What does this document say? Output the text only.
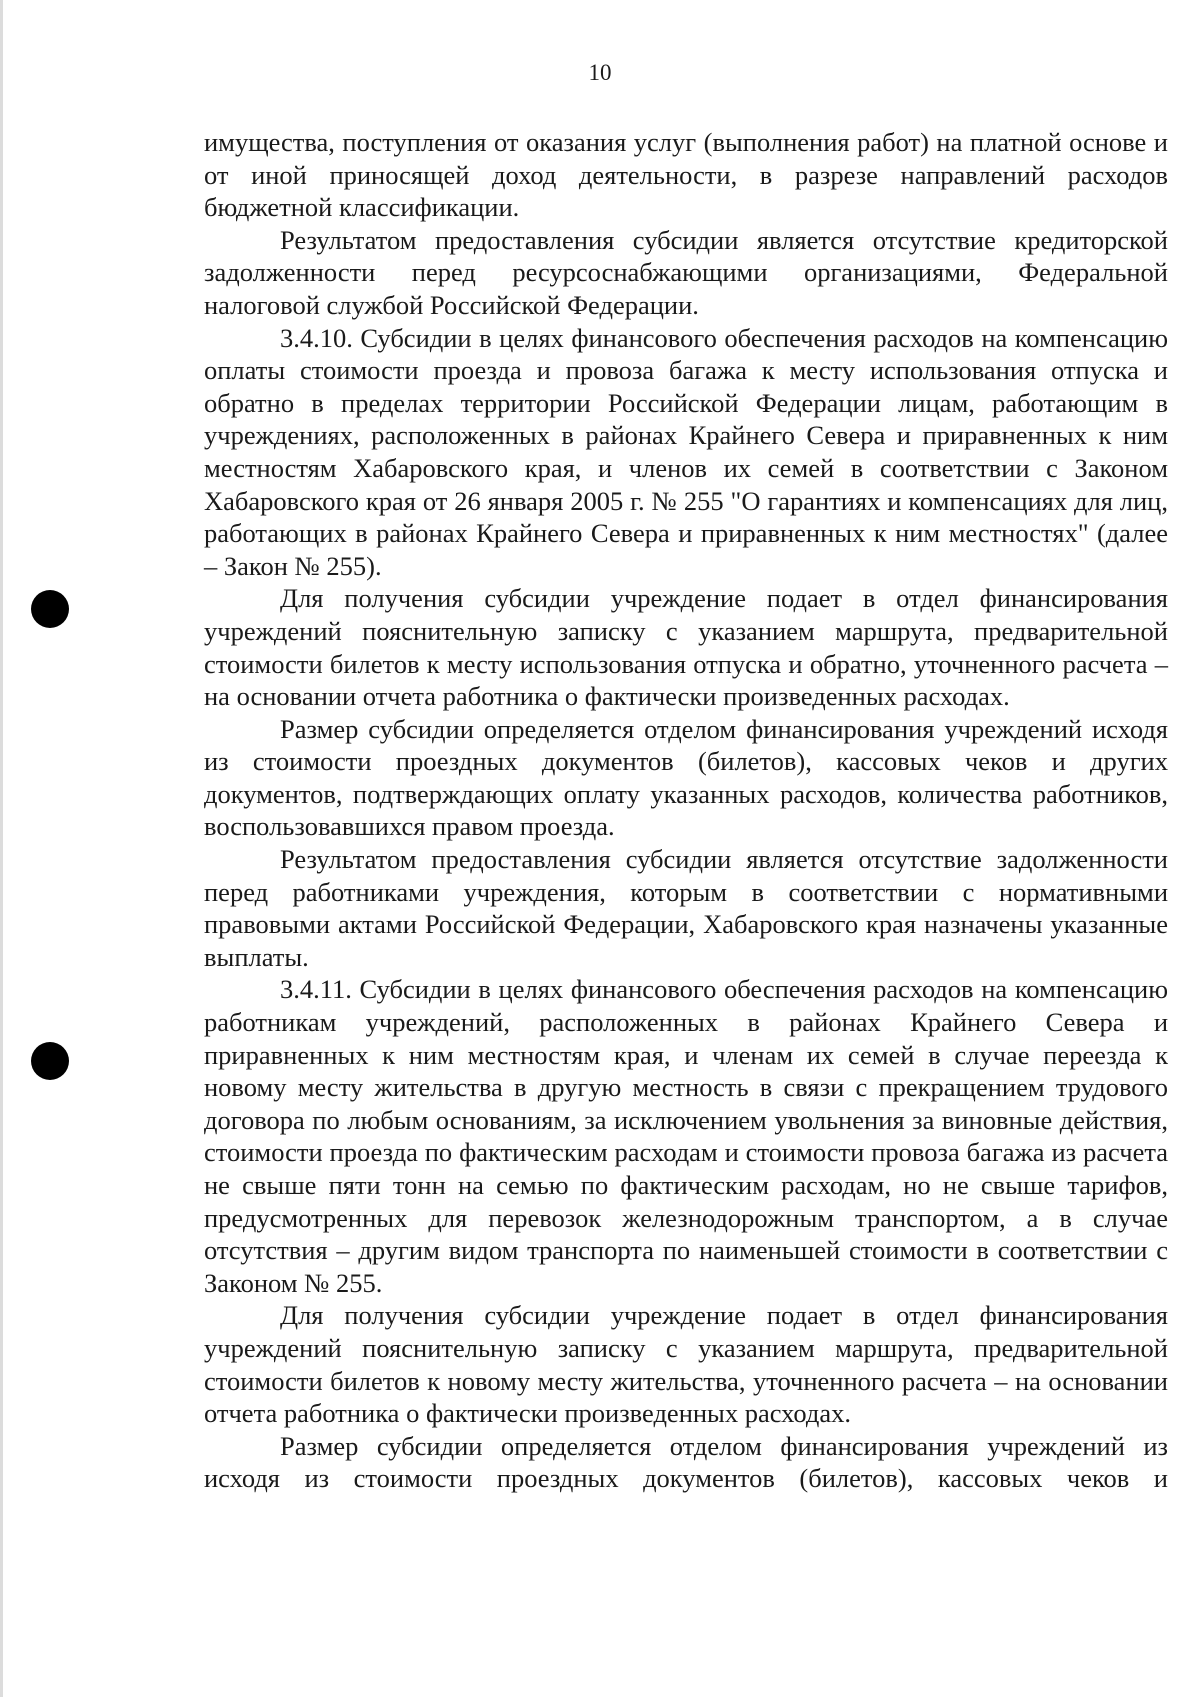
10

имущества, поступления от оказания услуг (выполнения работ) на платной основе и от иной приносящей доход деятельности, в разрезе направлений расходов бюджетной классификации.

Результатом предоставления субсидии является отсутствие кредиторской задолженности перед ресурсоснабжающими организациями, Федеральной налоговой службой Российской Федерации.

3.4.10. Субсидии в целях финансового обеспечения расходов на компенсацию оплаты стоимости проезда и провоза багажа к месту использования отпуска и обратно в пределах территории Российской Федерации лицам, работающим в учреждениях, расположенных в районах Крайнего Севера и приравненных к ним местностям Хабаровского края, и членов их семей в соответствии с Законом Хабаровского края от 26 января 2005 г. № 255 "О гарантиях и компенсациях для лиц, работающих в районах Крайнего Севера и приравненных к ним местностях" (далее – Закон № 255).

Для получения субсидии учреждение подает в отдел финансирования учреждений пояснительную записку с указанием маршрута, предварительной стоимости билетов к месту использования отпуска и обратно, уточненного расчета – на основании отчета работника о фактически произведенных расходах.

Размер субсидии определяется отделом финансирования учреждений исходя из стоимости проездных документов (билетов), кассовых чеков и других документов, подтверждающих оплату указанных расходов, количества работников, воспользовавшихся правом проезда.

Результатом предоставления субсидии является отсутствие задолженности перед работниками учреждения, которым в соответствии с нормативными правовыми актами Российской Федерации, Хабаровского края назначены указанные выплаты.

3.4.11. Субсидии в целях финансового обеспечения расходов на компенсацию работникам учреждений, расположенных в районах Крайнего Севера и приравненных к ним местностям края, и членам их семей в случае переезда к новому месту жительства в другую местность в связи с прекращением трудового договора по любым основаниям, за исключением увольнения за виновные действия, стоимости проезда по фактическим расходам и стоимости провоза багажа из расчета не свыше пяти тонн на семью по фактическим расходам, но не свыше тарифов, предусмотренных для перевозок железнодорожным транспортом, а в случае отсутствия – другим видом транспорта по наименьшей стоимости в соответствии с Законом № 255.

Для получения субсидии учреждение подает в отдел финансирования учреждений пояснительную записку с указанием маршрута, предварительной стоимости билетов к новому месту жительства, уточненного расчета – на основании отчета работника о фактически произведенных расходах.

Размер субсидии определяется отделом финансирования учреждений из исходя из стоимости проездных документов (билетов), кассовых чеков и
